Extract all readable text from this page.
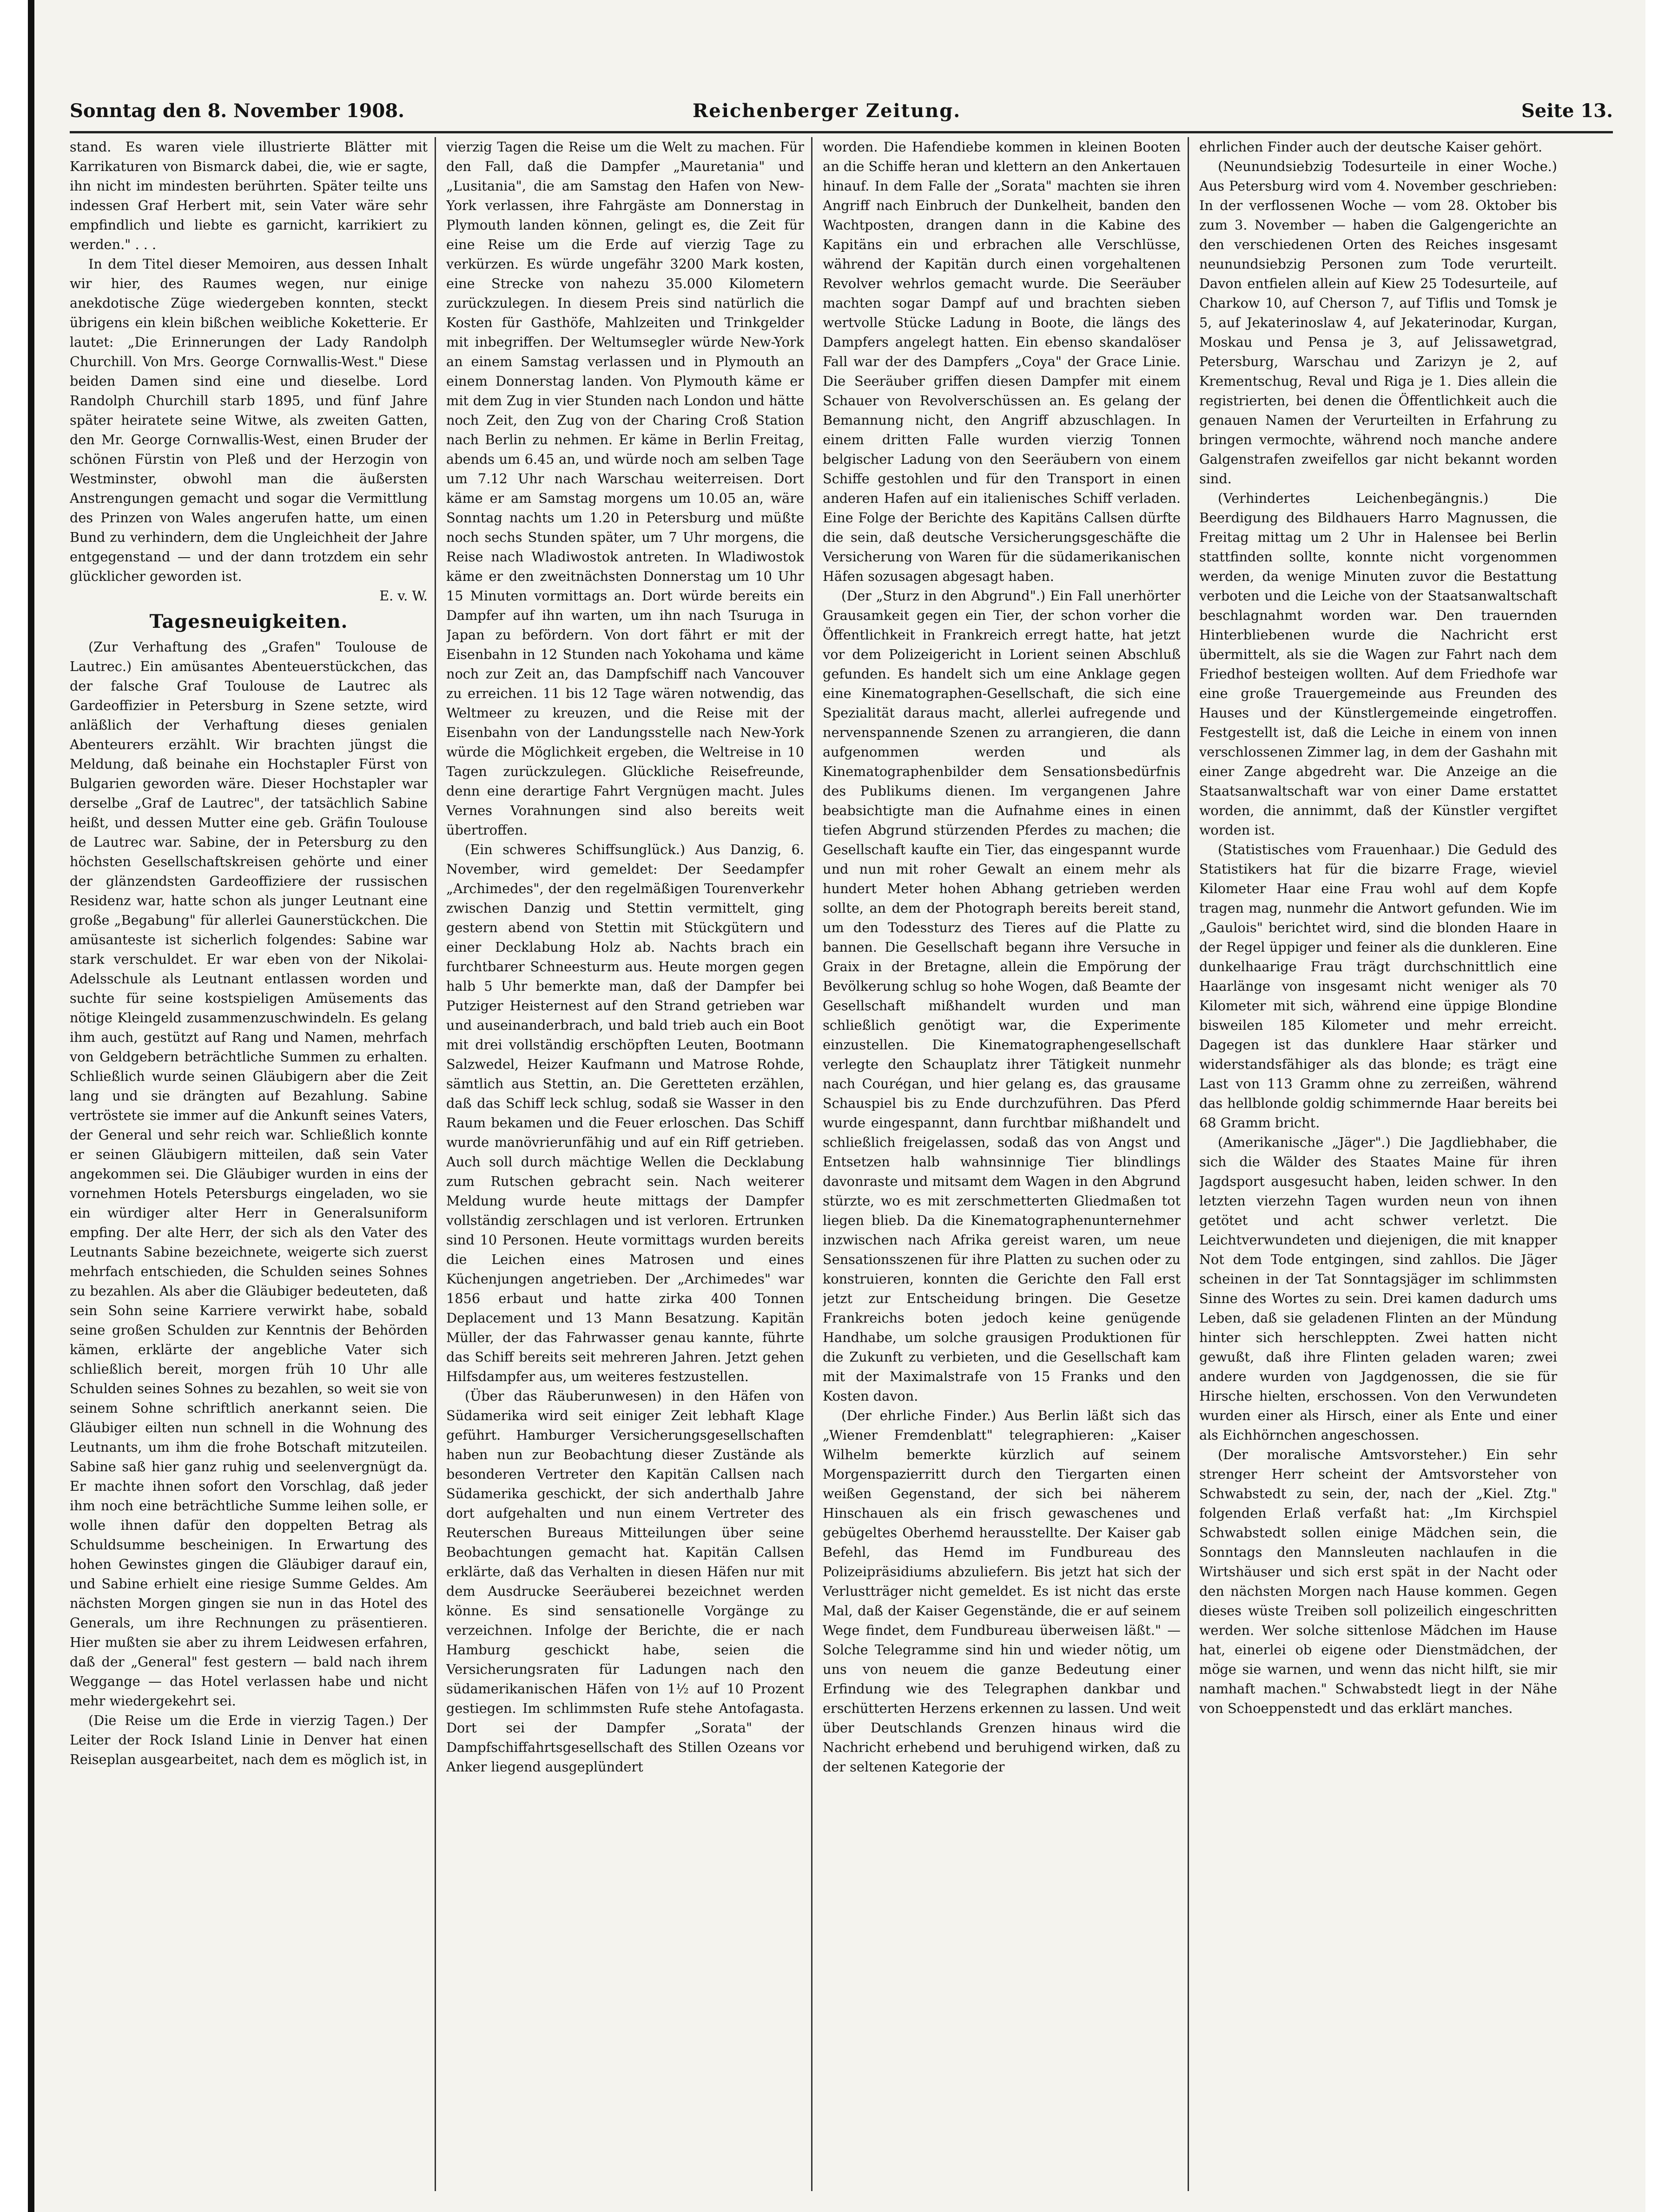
Sonntag den 8. November 1908.	Reichenberger Zeitung.	Seite 13.

stand. Es waren viele illustrierte Blätter mit Karrikaturen von Bismarck dabei, die, wie er sagte, ihn nicht im mindesten berührten. Später teilte uns indessen Graf Herbert mit, sein Vater wäre sehr empfindlich und liebte es garnicht, karrikiert zu werden." . . .

In dem Titel dieser Memoiren, aus dessen Inhalt wir hier, des Raumes wegen, nur einige anekdotische Züge wiedergeben konnten, steckt übrigens ein klein bißchen weibliche Koketterie. Er lautet: „Die Erinnerungen der Lady Randolph Churchill. Von Mrs. George Cornwallis-West." Diese beiden Damen sind eine und dieselbe. Lord Randolph Churchill starb 1895, und fünf Jahre später heiratete seine Witwe, als zweiten Gatten, den Mr. George Cornwallis-West, einen Bruder der schönen Fürstin von Pleß und der Herzogin von Westminster, obwohl man die äußersten Anstrengungen gemacht und sogar die Vermittlung des Prinzen von Wales angerufen hatte, um einen Bund zu verhindern, dem die Ungleichheit der Jahre entgegenstand — und der dann trotzdem ein sehr glücklicher geworden ist.

E. v. W.
Tagesneuigkeiten.

(Zur Verhaftung des „Grafen" Toulouse de Lautrec.) Ein amüsantes Abenteuerstückchen, das der falsche Graf Toulouse de Lautrec als Gardeoffizier in Petersburg in Szene setzte, wird anläßlich der Verhaftung dieses genialen Abenteurers erzählt. Wir brachten jüngst die Meldung, daß beinahe ein Hochstapler Fürst von Bulgarien geworden wäre. Dieser Hochstapler war derselbe „Graf de Lautrec", der tatsächlich Sabine heißt, und dessen Mutter eine geb. Gräfin Toulouse de Lautrec war. Sabine, der in Petersburg zu den höchsten Gesellschaftskreisen gehörte und einer der glänzendsten Gardeoffiziere der russischen Residenz war, hatte schon als junger Leutnant eine große „Begabung" für allerlei Gaunerstückchen. Die amüsanteste ist sicherlich folgendes: Sabine war stark verschuldet. Er war eben von der Nikolai-Adelsschule als Leutnant entlassen worden und suchte für seine kostspieligen Amüsements das nötige Kleingeld zusammenzuschwindeln. Es gelang ihm auch, gestützt auf Rang und Namen, mehrfach von Geldgebern beträchtliche Summen zu erhalten. Schließlich wurde seinen Gläubigern aber die Zeit lang und sie drängten auf Bezahlung. Sabine vertröstete sie immer auf die Ankunft seines Vaters, der General und sehr reich war. Schließlich konnte er seinen Gläubigern mitteilen, daß sein Vater angekommen sei. Die Gläubiger wurden in eins der vornehmen Hotels Petersburgs eingeladen, wo sie ein würdiger alter Herr in Generalsuniform empfing. Der alte Herr, der sich als den Vater des Leutnants Sabine bezeichnete, weigerte sich zuerst mehrfach entschieden, die Schulden seines Sohnes zu bezahlen. Als aber die Gläubiger bedeuteten, daß sein Sohn seine Karriere verwirkt habe, sobald seine großen Schulden zur Kenntnis der Behörden kämen, erklärte der angebliche Vater sich schließlich bereit, morgen früh 10 Uhr alle Schulden seines Sohnes zu bezahlen, so weit sie von seinem Sohne schriftlich anerkannt seien. Die Gläubiger eilten nun schnell in die Wohnung des Leutnants, um ihm die frohe Botschaft mitzuteilen. Sabine saß hier ganz ruhig und seelenvergnügt da. Er machte ihnen sofort den Vorschlag, daß jeder ihm noch eine beträchtliche Summe leihen solle, er wolle ihnen dafür den doppelten Betrag als Schuldsumme bescheinigen. In Erwartung des hohen Gewinstes gingen die Gläubiger darauf ein, und Sabine erhielt eine riesige Summe Geldes. Am nächsten Morgen gingen sie nun in das Hotel des Generals, um ihre Rechnungen zu präsentieren. Hier mußten sie aber zu ihrem Leidwesen erfahren, daß der „General" fest gestern — bald nach ihrem Weggange — das Hotel verlassen habe und nicht mehr wiedergekehrt sei.

(Die Reise um die Erde in vierzig Tagen.) Der Leiter der Rock Island Linie in Denver hat einen Reiseplan ausgearbeitet, nach dem es möglich ist, in

vierzig Tagen die Reise um die Welt zu machen. Für den Fall, daß die Dampfer „Mauretania" und „Lusitania", die am Samstag den Hafen von New-York verlassen, ihre Fahrgäste am Donnerstag in Plymouth landen können, gelingt es, die Zeit für eine Reise um die Erde auf vierzig Tage zu verkürzen. Es würde ungefähr 3200 Mark kosten, eine Strecke von nahezu 35.000 Kilometern zurückzulegen. In diesem Preis sind natürlich die Kosten für Gasthöfe, Mahlzeiten und Trinkgelder mit inbegriffen. Der Weltumsegler würde New-York an einem Samstag verlassen und in Plymouth an einem Donnerstag landen. Von Plymouth käme er mit dem Zug in vier Stunden nach London und hätte noch Zeit, den Zug von der Charing Croß Station nach Berlin zu nehmen. Er käme in Berlin Freitag, abends um 6.45 an, und würde noch am selben Tage um 7.12 Uhr nach Warschau weiterreisen. Dort käme er am Samstag morgens um 10.05 an, wäre Sonntag nachts um 1.20 in Petersburg und müßte noch sechs Stunden später, um 7 Uhr morgens, die Reise nach Wladiwostok antreten. In Wladiwostok käme er den zweitnächsten Donnerstag um 10 Uhr 15 Minuten vormittags an. Dort würde bereits ein Dampfer auf ihn warten, um ihn nach Tsuruga in Japan zu befördern. Von dort fährt er mit der Eisenbahn in 12 Stunden nach Yokohama und käme noch zur Zeit an, das Dampfschiff nach Vancouver zu erreichen. 11 bis 12 Tage wären notwendig, das Weltmeer zu kreuzen, und die Reise mit der Eisenbahn von der Landungsstelle nach New-York würde die Möglichkeit ergeben, die Weltreise in 10 Tagen zurückzulegen. Glückliche Reisefreunde, denn eine derartige Fahrt Vergnügen macht. Jules Vernes Vorahnungen sind also bereits weit übertroffen.

(Ein schweres Schiffsunglück.) Aus Danzig, 6. November, wird gemeldet: Der Seedampfer „Archimedes", der den regelmäßigen Tourenverkehr zwischen Danzig und Stettin vermittelt, ging gestern abend von Stettin mit Stückgütern und einer Decklabung Holz ab. Nachts brach ein furchtbarer Schneesturm aus. Heute morgen gegen halb 5 Uhr bemerkte man, daß der Dampfer bei Putziger Heisternest auf den Strand getrieben war und auseinanderbrach, und bald trieb auch ein Boot mit drei vollständig erschöpften Leuten, Bootmann Salzwedel, Heizer Kaufmann und Matrose Rohde, sämtlich aus Stettin, an. Die Geretteten erzählen, daß das Schiff leck schlug, sodaß sie Wasser in den Raum bekamen und die Feuer erloschen. Das Schiff wurde manövrierunfähig und auf ein Riff getrieben. Auch soll durch mächtige Wellen die Decklabung zum Rutschen gebracht sein. Nach weiterer Meldung wurde heute mittags der Dampfer vollständig zerschlagen und ist verloren. Ertrunken sind 10 Personen. Heute vormittags wurden bereits die Leichen eines Matrosen und eines Küchenjungen angetrieben. Der „Archimedes" war 1856 erbaut und hatte zirka 400 Tonnen Deplacement und 13 Mann Besatzung. Kapitän Müller, der das Fahrwasser genau kannte, führte das Schiff bereits seit mehreren Jahren. Jetzt gehen Hilfsdampfer aus, um weiteres festzustellen.

(Über das Räuberunwesen) in den Häfen von Südamerika wird seit einiger Zeit lebhaft Klage geführt. Hamburger Versicherungsgesellschaften haben nun zur Beobachtung dieser Zustände als besonderen Vertreter den Kapitän Callsen nach Südamerika geschickt, der sich anderthalb Jahre dort aufgehalten und nun einem Vertreter des Reuterschen Bureaus Mitteilungen über seine Beobachtungen gemacht hat. Kapitän Callsen erklärte, daß das Verhalten in diesen Häfen nur mit dem Ausdrucke Seeräuberei bezeichnet werden könne. Es sind sensationelle Vorgänge zu verzeichnen. Infolge der Berichte, die er nach Hamburg geschickt habe, seien die Versicherungsraten für Ladungen nach den südamerikanischen Häfen von 1½ auf 10 Prozent gestiegen. Im schlimmsten Rufe stehe Antofagasta. Dort sei der Dampfer „Sorata" der Dampfschiffahrtsgesellschaft des Stillen Ozeans vor Anker liegend ausgeplündert

worden. Die Hafendiebe kommen in kleinen Booten an die Schiffe heran und klettern an den Ankertauen hinauf. In dem Falle der „Sorata" machten sie ihren Angriff nach Einbruch der Dunkelheit, banden den Wachtposten, drangen dann in die Kabine des Kapitäns ein und erbrachen alle Verschlüsse, während der Kapitän durch einen vorgehaltenen Revolver wehrlos gemacht wurde. Die Seeräuber machten sogar Dampf auf und brachten sieben wertvolle Stücke Ladung in Boote, die längs des Dampfers angelegt hatten. Ein ebenso skandalöser Fall war der des Dampfers „Coya" der Grace Linie. Die Seeräuber griffen diesen Dampfer mit einem Schauer von Revolverschüssen an. Es gelang der Bemannung nicht, den Angriff abzuschlagen. In einem dritten Falle wurden vierzig Tonnen belgischer Ladung von den Seeräubern von einem Schiffe gestohlen und für den Transport in einen anderen Hafen auf ein italienisches Schiff verladen. Eine Folge der Berichte des Kapitäns Callsen dürfte die sein, daß deutsche Versicherungsgeschäfte die Versicherung von Waren für die südamerikanischen Häfen sozusagen abgesagt haben.

(Der „Sturz in den Abgrund".) Ein Fall unerhörter Grausamkeit gegen ein Tier, der schon vorher die Öffentlichkeit in Frankreich erregt hatte, hat jetzt vor dem Polizeigericht in Lorient seinen Abschluß gefunden. Es handelt sich um eine Anklage gegen eine Kinematographen-Gesellschaft, die sich eine Spezialität daraus macht, allerlei aufregende und nervenspannende Szenen zu arrangieren, die dann aufgenommen werden und als Kinematographenbilder dem Sensationsbedürfnis des Publikums dienen. Im vergangenen Jahre beabsichtigte man die Aufnahme eines in einen tiefen Abgrund stürzenden Pferdes zu machen; die Gesellschaft kaufte ein Tier, das eingespannt wurde und nun mit roher Gewalt an einem mehr als hundert Meter hohen Abhang getrieben werden sollte, an dem der Photograph bereits bereit stand, um den Todessturz des Tieres auf die Platte zu bannen. Die Gesellschaft begann ihre Versuche in Graix in der Bretagne, allein die Empörung der Bevölkerung schlug so hohe Wogen, daß Beamte der Gesellschaft mißhandelt wurden und man schließlich genötigt war, die Experimente einzustellen. Die Kinematographengesellschaft verlegte den Schauplatz ihrer Tätigkeit nunmehr nach Courégan, und hier gelang es, das grausame Schauspiel bis zu Ende durchzuführen. Das Pferd wurde eingespannt, dann furchtbar mißhandelt und schließlich freigelassen, sodaß das von Angst und Entsetzen halb wahnsinnige Tier blindlings davonraste und mitsamt dem Wagen in den Abgrund stürzte, wo es mit zerschmetterten Gliedmaßen tot liegen blieb. Da die Kinematographenunternehmer inzwischen nach Afrika gereist waren, um neue Sensationsszenen für ihre Platten zu suchen oder zu konstruieren, konnten die Gerichte den Fall erst jetzt zur Entscheidung bringen. Die Gesetze Frankreichs boten jedoch keine genügende Handhabe, um solche grausigen Produktionen für die Zukunft zu verbieten, und die Gesellschaft kam mit der Maximalstrafe von 15 Franks und den Kosten davon.

(Der ehrliche Finder.) Aus Berlin läßt sich das „Wiener Fremdenblatt" telegraphieren: „Kaiser Wilhelm bemerkte kürzlich auf seinem Morgenspazierritt durch den Tiergarten einen weißen Gegenstand, der sich bei näherem Hinschauen als ein frisch gewaschenes und gebügeltes Oberhemd herausstellte. Der Kaiser gab Befehl, das Hemd im Fundbureau des Polizeipräsidiums abzuliefern. Bis jetzt hat sich der Verlustträger nicht gemeldet. Es ist nicht das erste Mal, daß der Kaiser Gegenstände, die er auf seinem Wege findet, dem Fundbureau überweisen läßt." — Solche Telegramme sind hin und wieder nötig, um uns von neuem die ganze Bedeutung einer Erfindung wie des Telegraphen dankbar und erschütterten Herzens erkennen zu lassen. Und weit über Deutschlands Grenzen hinaus wird die Nachricht erhebend und beruhigend wirken, daß zu der seltenen Kategorie der

ehrlichen Finder auch der deutsche Kaiser gehört.

(Neunundsiebzig Todesurteile in einer Woche.) Aus Petersburg wird vom 4. November geschrieben: In der verflossenen Woche — vom 28. Oktober bis zum 3. November — haben die Galgengerichte an den verschiedenen Orten des Reiches insgesamt neunundsiebzig Personen zum Tode verurteilt. Davon entfielen allein auf Kiew 25 Todesurteile, auf Charkow 10, auf Cherson 7, auf Tiflis und Tomsk je 5, auf Jekaterinoslaw 4, auf Jekaterinodar, Kurgan, Moskau und Pensa je 3, auf Jelissawetgrad, Petersburg, Warschau und Zarizyn je 2, auf Krementschug, Reval und Riga je 1. Dies allein die registrierten, bei denen die Öffentlichkeit auch die genauen Namen der Verurteilten in Erfahrung zu bringen vermochte, während noch manche andere Galgenstrafen zweifellos gar nicht bekannt worden sind.

(Verhindertes Leichenbegängnis.) Die Beerdigung des Bildhauers Harro Magnussen, die Freitag mittag um 2 Uhr in Halensee bei Berlin stattfinden sollte, konnte nicht vorgenommen werden, da wenige Minuten zuvor die Bestattung verboten und die Leiche von der Staatsanwaltschaft beschlagnahmt worden war. Den trauernden Hinterbliebenen wurde die Nachricht erst übermittelt, als sie die Wagen zur Fahrt nach dem Friedhof besteigen wollten. Auf dem Friedhofe war eine große Trauergemeinde aus Freunden des Hauses und der Künstlergemeinde eingetroffen. Festgestellt ist, daß die Leiche in einem von innen verschlossenen Zimmer lag, in dem der Gashahn mit einer Zange abgedreht war. Die Anzeige an die Staatsanwaltschaft war von einer Dame erstattet worden, die annimmt, daß der Künstler vergiftet worden ist.

(Statistisches vom Frauenhaar.) Die Geduld des Statistikers hat für die bizarre Frage, wieviel Kilometer Haar eine Frau wohl auf dem Kopfe tragen mag, nunmehr die Antwort gefunden. Wie im „Gaulois" berichtet wird, sind die blonden Haare in der Regel üppiger und feiner als die dunkleren. Eine dunkelhaarige Frau trägt durchschnittlich eine Haarlänge von insgesamt nicht weniger als 70 Kilometer mit sich, während eine üppige Blondine bisweilen 185 Kilometer und mehr erreicht. Dagegen ist das dunklere Haar stärker und widerstandsfähiger als das blonde; es trägt eine Last von 113 Gramm ohne zu zerreißen, während das hellblonde goldig schimmernde Haar bereits bei 68 Gramm bricht.

(Amerikanische „Jäger".) Die Jagdliebhaber, die sich die Wälder des Staates Maine für ihren Jagdsport ausgesucht haben, leiden schwer. In den letzten vierzehn Tagen wurden neun von ihnen getötet und acht schwer verletzt. Die Leichtverwundeten und diejenigen, die mit knapper Not dem Tode entgingen, sind zahllos. Die Jäger scheinen in der Tat Sonntagsjäger im schlimmsten Sinne des Wortes zu sein. Drei kamen dadurch ums Leben, daß sie geladenen Flinten an der Mündung hinter sich herschleppten. Zwei hatten nicht gewußt, daß ihre Flinten geladen waren; zwei andere wurden von Jagdgenossen, die sie für Hirsche hielten, erschossen. Von den Verwundeten wurden einer als Hirsch, einer als Ente und einer als Eichhörnchen angeschossen.

(Der moralische Amtsvorsteher.) Ein sehr strenger Herr scheint der Amtsvorsteher von Schwabstedt zu sein, der, nach der „Kiel. Ztg." folgenden Erlaß verfaßt hat: „Im Kirchspiel Schwabstedt sollen einige Mädchen sein, die Sonntags den Mannsleuten nachlaufen in die Wirtshäuser und sich erst spät in der Nacht oder den nächsten Morgen nach Hause kommen. Gegen dieses wüste Treiben soll polizeilich eingeschritten werden. Wer solche sittenlose Mädchen im Hause hat, einerlei ob eigene oder Dienstmädchen, der möge sie warnen, und wenn das nicht hilft, sie mir namhaft machen." Schwabstedt liegt in der Nähe von Schoeppenstedt und das erklärt manches.
